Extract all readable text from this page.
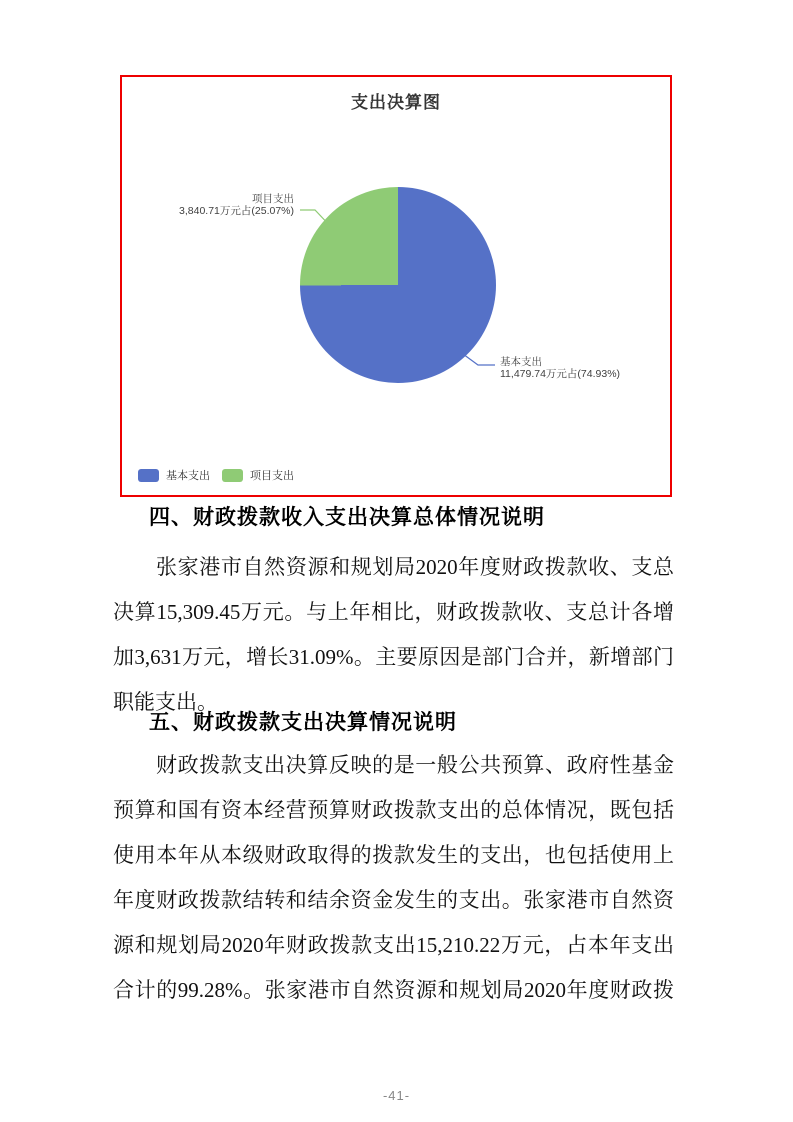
支出决算图
项目支出
3,840.71万元占(25.07%)
基本支出
11,479.74万元占(74.93%)
基本支出	项目支出
四、财政拨款收入支出决算总体情况说明
张家港市自然资源和规划局2020年度财政拨款收、支总
决算15,309.45万元。与上年相比，财政拨款收、支总计各增
加3,631万元，增长31.09%。主要原因是部门合并，新增部门
职能支出。
五、财政拨款支出决算情况说明
财政拨款支出决算反映的是一般公共预算、政府性基金
预算和国有资本经营预算财政拨款支出的总体情况，既包括
使用本年从本级财政取得的拨款发生的支出，也包括使用上
年度财政拨款结转和结余资金发生的支出。张家港市自然资
源和规划局2020年财政拨款支出15,210.22万元，占本年支出
合计的99.28%。张家港市自然资源和规划局2020年度财政拨
-41-
